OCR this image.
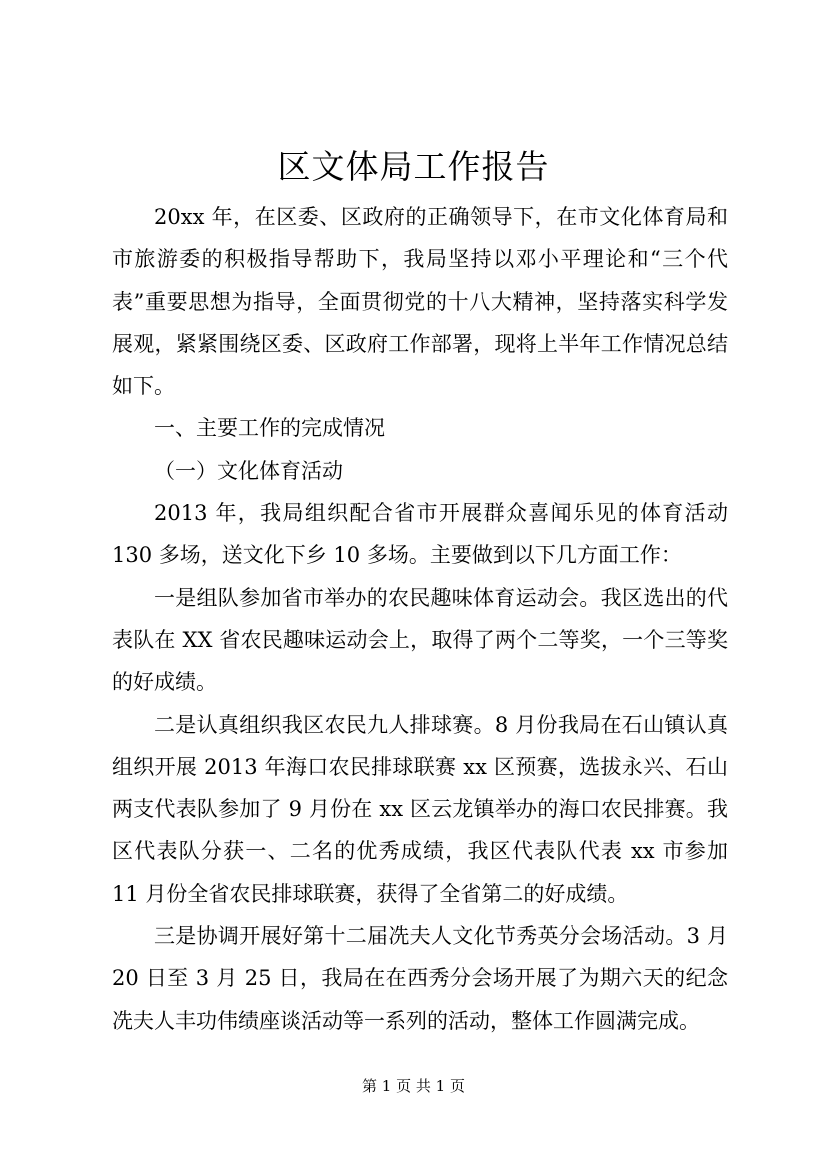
区文体局工作报告

20xx 年，在区委、区政府的正确领导下，在市文化体育局和市旅游委的积极指导帮助下，我局坚持以邓小平理论和“三个代表”重要思想为指导，全面贯彻党的十八大精神，坚持落实科学发展观，紧紧围绕区委、区政府工作部署，现将上半年工作情况总结如下。

一、主要工作的完成情况

（一）文化体育活动

2013 年，我局组织配合省市开展群众喜闻乐见的体育活动 130 多场，送文化下乡 10 多场。主要做到以下几方面工作：

一是组队参加省市举办的农民趣味体育运动会。我区选出的代表队在 XX 省农民趣味运动会上，取得了两个二等奖，一个三等奖的好成绩。

二是认真组织我区农民九人排球赛。8 月份我局在石山镇认真组织开展 2013 年海口农民排球联赛 xx 区预赛，选拔永兴、石山两支代表队参加了 9 月份在 xx 区云龙镇举办的海口农民排赛。我区代表队分获一、二名的优秀成绩，我区代表队代表 xx 市参加 11 月份全省农民排球联赛，获得了全省第二的好成绩。

三是协调开展好第十二届冼夫人文化节秀英分会场活动。3 月 20 日至 3 月 25 日，我局在在西秀分会场开展了为期六天的纪念冼夫人丰功伟绩座谈活动等一系列的活动，整体工作圆满完成。

第 1 页 共 1 页
